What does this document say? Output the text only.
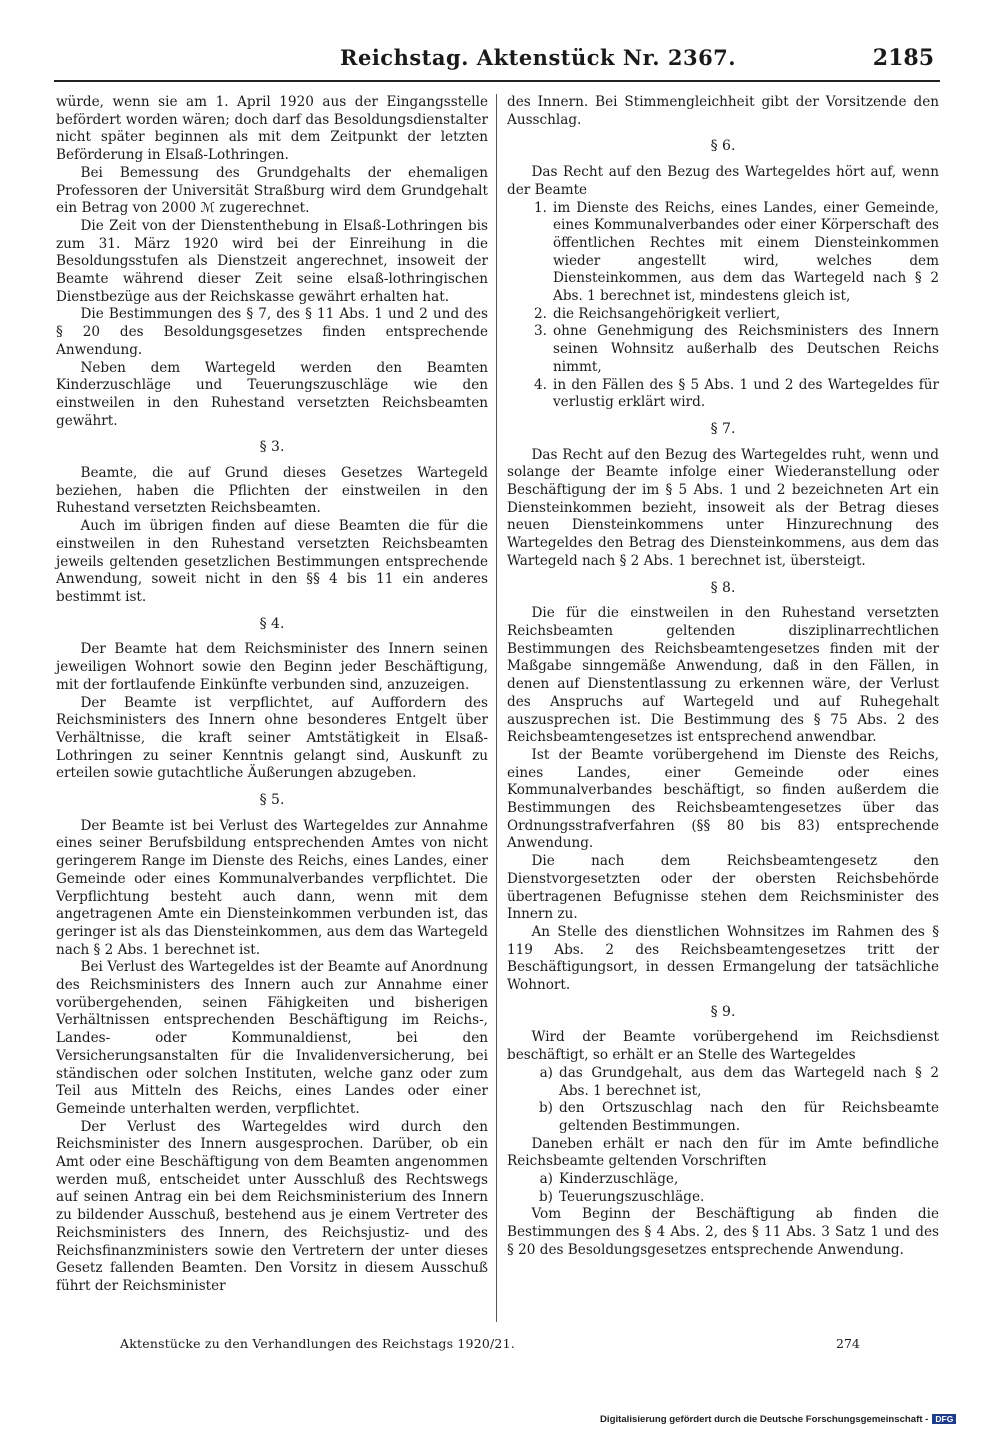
Reichstag. Aktenstück Nr. 2367.	2185

würde, wenn sie am 1. April 1920 aus der Eingangsstelle befördert worden wären; doch darf das Besoldungsdienstalter nicht später beginnen als mit dem Zeitpunkt der letzten Beförderung in Elsaß-Lothringen.

Bei Bemessung des Grundgehalts der ehemaligen Professoren der Universität Straßburg wird dem Grundgehalt ein Betrag von 2000 ℳ zugerechnet.

Die Zeit von der Dienstenthebung in Elsaß-Lothringen bis zum 31. März 1920 wird bei der Einreihung in die Besoldungsstufen als Dienstzeit angerechnet, insoweit der Beamte während dieser Zeit seine elsaß-lothringischen Dienstbezüge aus der Reichskasse gewährt erhalten hat.

Die Bestimmungen des § 7, des § 11 Abs. 1 und 2 und des § 20 des Besoldungsgesetzes finden entsprechende Anwendung.

Neben dem Wartegeld werden den Beamten Kinderzuschläge und Teuerungszuschläge wie den einstweilen in den Ruhestand versetzten Reichsbeamten gewährt.

§ 3.

Beamte, die auf Grund dieses Gesetzes Wartegeld beziehen, haben die Pflichten der einstweilen in den Ruhestand versetzten Reichsbeamten.

Auch im übrigen finden auf diese Beamten die für die einstweilen in den Ruhestand versetzten Reichsbeamten jeweils geltenden gesetzlichen Bestimmungen entsprechende Anwendung, soweit nicht in den §§ 4 bis 11 ein anderes bestimmt ist.

§ 4.

Der Beamte hat dem Reichsminister des Innern seinen jeweiligen Wohnort sowie den Beginn jeder Beschäftigung, mit der fortlaufende Einkünfte verbunden sind, anzuzeigen.

Der Beamte ist verpflichtet, auf Auffordern des Reichsministers des Innern ohne besonderes Entgelt über Verhältnisse, die kraft seiner Amtstätigkeit in Elsaß-Lothringen zu seiner Kenntnis gelangt sind, Auskunft zu erteilen sowie gutachtliche Äußerungen abzugeben.

§ 5.

Der Beamte ist bei Verlust des Wartegeldes zur Annahme eines seiner Berufsbildung entsprechenden Amtes von nicht geringerem Range im Dienste des Reichs, eines Landes, einer Gemeinde oder eines Kommunalverbandes verpflichtet. Die Verpflichtung besteht auch dann, wenn mit dem angetragenen Amte ein Diensteinkommen verbunden ist, das geringer ist als das Diensteinkommen, aus dem das Wartegeld nach § 2 Abs. 1 berechnet ist.

Bei Verlust des Wartegeldes ist der Beamte auf Anordnung des Reichsministers des Innern auch zur Annahme einer vorübergehenden, seinen Fähigkeiten und bisherigen Verhältnissen entsprechenden Beschäftigung im Reichs-, Landes- oder Kommunaldienst, bei den Versicherungsanstalten für die Invalidenversicherung, bei ständischen oder solchen Instituten, welche ganz oder zum Teil aus Mitteln des Reichs, eines Landes oder einer Gemeinde unterhalten werden, verpflichtet.

Der Verlust des Wartegeldes wird durch den Reichsminister des Innern ausgesprochen. Darüber, ob ein Amt oder eine Beschäftigung von dem Beamten angenommen werden muß, entscheidet unter Ausschluß des Rechtswegs auf seinen Antrag ein bei dem Reichsministerium des Innern zu bildender Ausschuß, bestehend aus je einem Vertreter des Reichsministers des Innern, des Reichsjustiz- und des Reichsfinanzministers sowie den Vertretern der unter dieses Gesetz fallenden Beamten. Den Vorsitz in diesem Ausschuß führt der Reichsminister

des Innern. Bei Stimmengleichheit gibt der Vorsitzende den Ausschlag.

§ 6.

Das Recht auf den Bezug des Wartegeldes hört auf, wenn der Beamte

1. im Dienste des Reichs, eines Landes, einer Gemeinde, eines Kommunalverbandes oder einer Körperschaft des öffentlichen Rechtes mit einem Diensteinkommen wieder angestellt wird, welches dem Diensteinkommen, aus dem das Wartegeld nach § 2 Abs. 1 berechnet ist, mindestens gleich ist,
2. die Reichsangehörigkeit verliert,
3. ohne Genehmigung des Reichsministers des Innern seinen Wohnsitz außerhalb des Deutschen Reichs nimmt,
4. in den Fällen des § 5 Abs. 1 und 2 des Wartegeldes für verlustig erklärt wird.
§ 7.

Das Recht auf den Bezug des Wartegeldes ruht, wenn und solange der Beamte infolge einer Wiederanstellung oder Beschäftigung der im § 5 Abs. 1 und 2 bezeichneten Art ein Diensteinkommen bezieht, insoweit als der Betrag dieses neuen Diensteinkommens unter Hinzurechnung des Wartegeldes den Betrag des Diensteinkommens, aus dem das Wartegeld nach § 2 Abs. 1 berechnet ist, übersteigt.

§ 8.

Die für die einstweilen in den Ruhestand versetzten Reichsbeamten geltenden disziplinarrechtlichen Bestimmungen des Reichsbeamtengesetzes finden mit der Maßgabe sinngemäße Anwendung, daß in den Fällen, in denen auf Dienstentlassung zu erkennen wäre, der Verlust des Anspruchs auf Wartegeld und auf Ruhegehalt auszusprechen ist. Die Bestimmung des § 75 Abs. 2 des Reichsbeamtengesetzes ist entsprechend anwendbar.

Ist der Beamte vorübergehend im Dienste des Reichs, eines Landes, einer Gemeinde oder eines Kommunalverbandes beschäftigt, so finden außerdem die Bestimmungen des Reichsbeamtengesetzes über das Ordnungsstrafverfahren (§§ 80 bis 83) entsprechende Anwendung.

Die nach dem Reichsbeamtengesetz den Dienstvorgesetzten oder der obersten Reichsbehörde übertragenen Befugnisse stehen dem Reichsminister des Innern zu.

An Stelle des dienstlichen Wohnsitzes im Rahmen des § 119 Abs. 2 des Reichsbeamtengesetzes tritt der Beschäftigungsort, in dessen Ermangelung der tatsächliche Wohnort.

§ 9.

Wird der Beamte vorübergehend im Reichsdienst beschäftigt, so erhält er an Stelle des Wartegeldes

a) das Grundgehalt, aus dem das Wartegeld nach § 2 Abs. 1 berechnet ist,
b) den Ortszuschlag nach den für Reichsbeamte geltenden Bestimmungen.

Daneben erhält er nach den für im Amte befindliche Reichsbeamte geltenden Vorschriften

a) Kinderzuschläge,
b) Teuerungszuschläge.

Vom Beginn der Beschäftigung ab finden die Bestimmungen des § 4 Abs. 2, des § 11 Abs. 3 Satz 1 und des § 20 des Besoldungsgesetzes entsprechende Anwendung.

Aktenstücke zu den Verhandlungen des Reichstags 1920/21.	274
Digitalisierung gefördert durch die Deutsche Forschungsgemeinschaft - DFG
